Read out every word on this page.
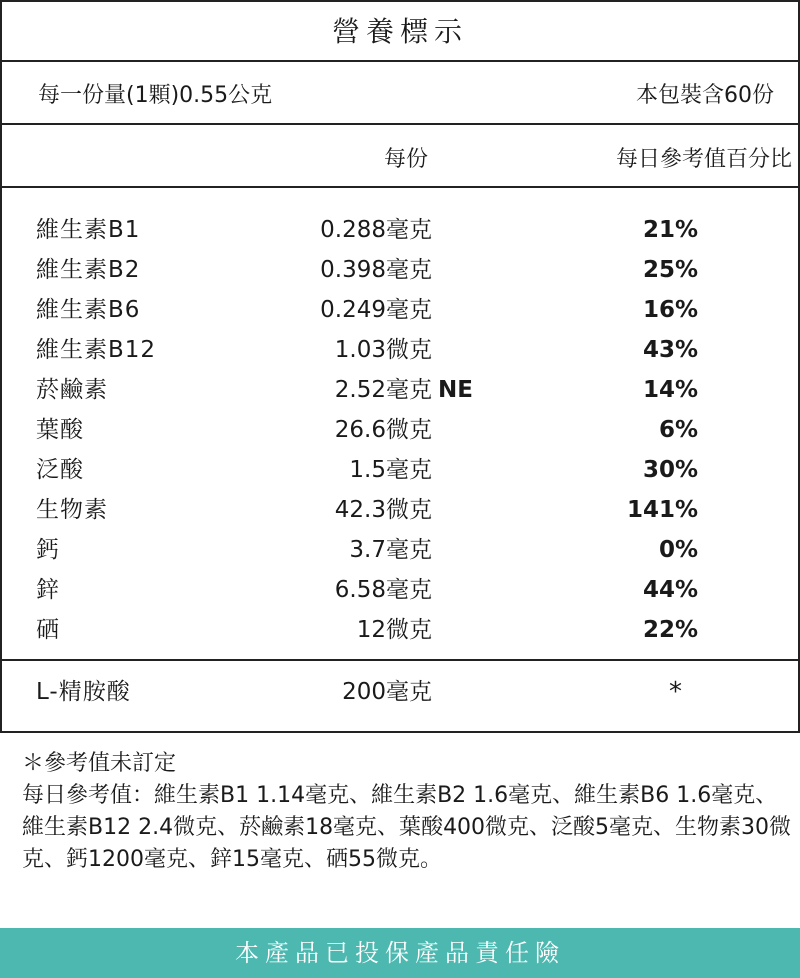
營養標示
每一份量(1顆)0.55公克	本包裝含60份
每份	每日參考值百分比
維生素B1	0.288毫克	21%
維生素B2	0.398毫克	25%
維生素B6	0.249毫克	16%
維生素B12	1.03微克	43%
菸鹼素	2.52毫克 NE	14%
葉酸	26.6微克	6%
泛酸	1.5毫克	30%
生物素	42.3微克	141%
鈣	3.7毫克	0%
鋅	6.58毫克	44%
硒	12微克	22%
L-精胺酸	200毫克	*
＊參考值未訂定
每日參考值：維生素B1 1.14毫克、維生素B2 1.6毫克、維生素B6 1.6毫克、維生素B12 2.4微克、菸鹼素18毫克、葉酸400微克、泛酸5毫克、生物素30微克、鈣1200毫克、鋅15毫克、硒55微克。
本產品已投保產品責任險
